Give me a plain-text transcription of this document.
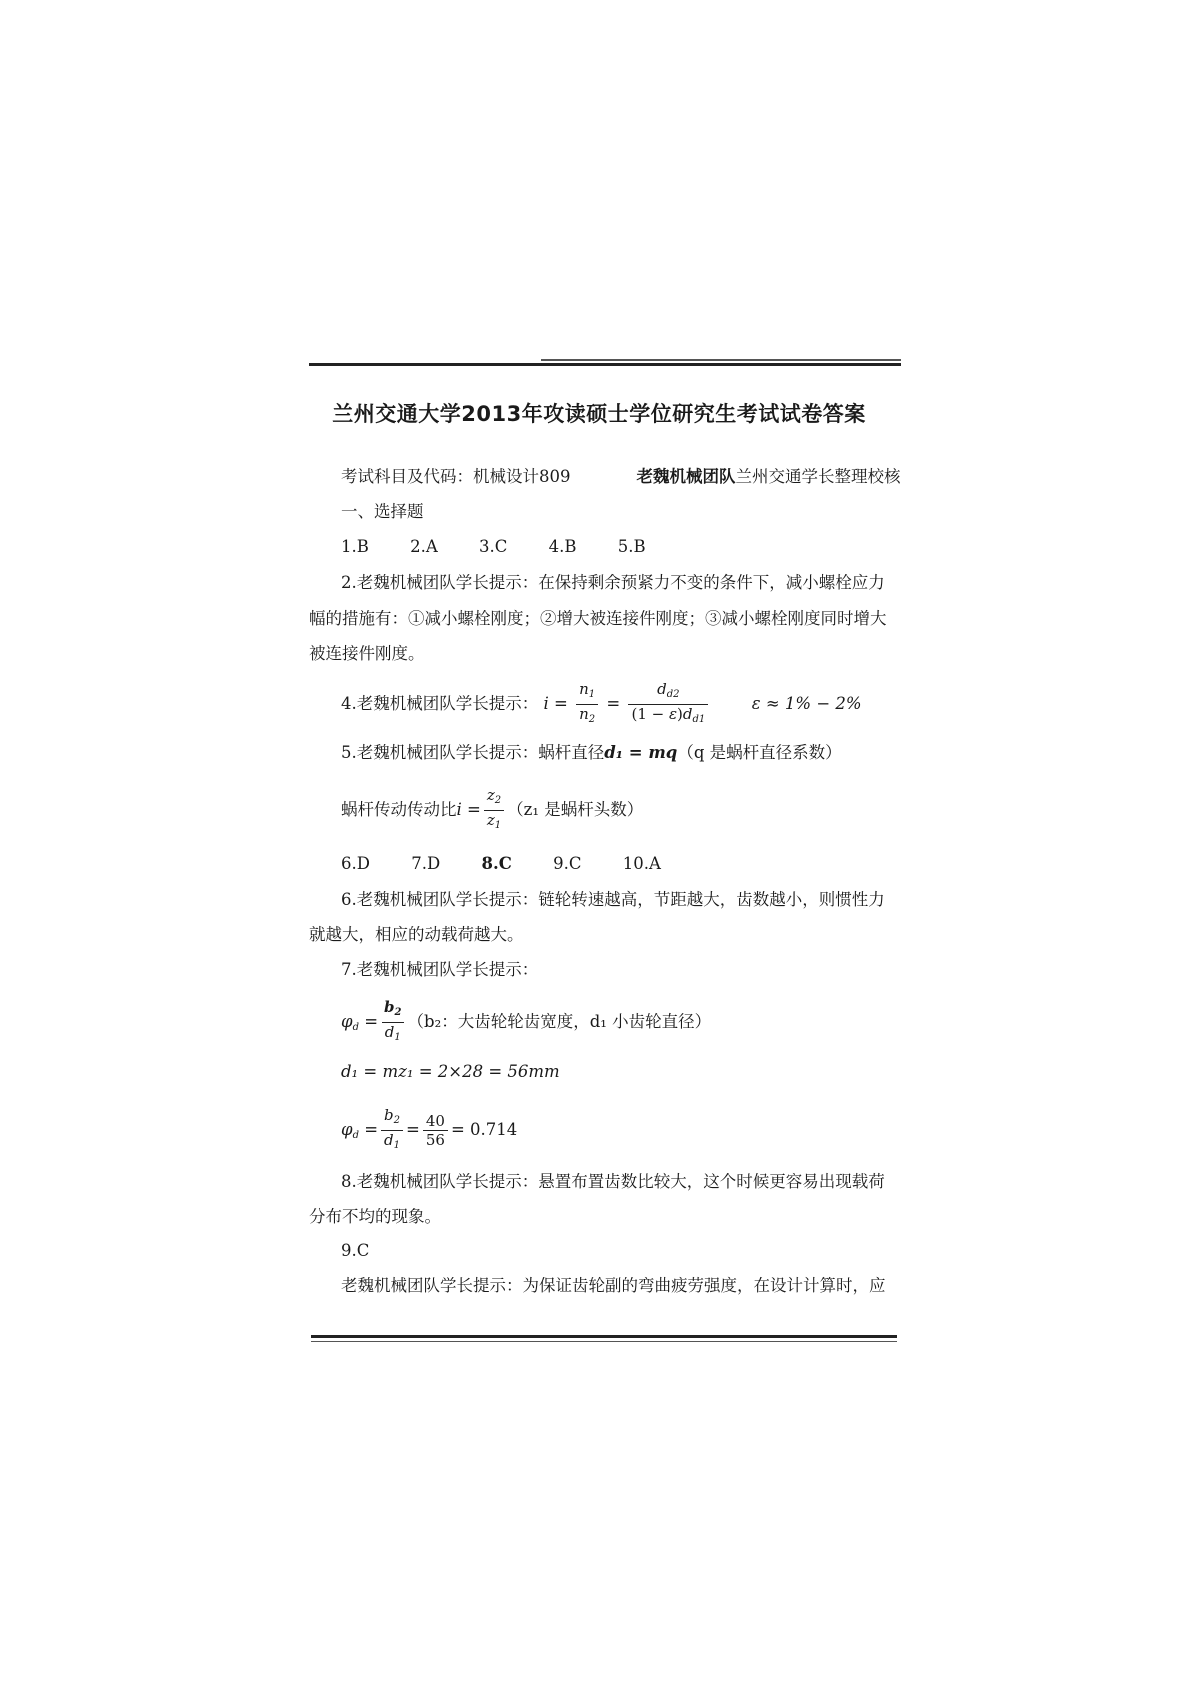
兰州交通大学2013年攻读硕士学位研究生考试试卷答案
考试科目及代码：机械设计809	老魏机械团队兰州交通学长整理校核
一、选择题
1.B	2.A	3.C	4.B	5.B
2.老魏机械团队学长提示：在保持剩余预紧力不变的条件下，减小螺栓应力
幅的措施有：①减小螺栓刚度；②增大被连接件刚度；③减小螺栓刚度同时增大
被连接件刚度。
4.老魏机械团队学长提示： $i = \frac{n_1}{n_2} = \frac{d_{d2}}{(1 - \varepsilon)d_{d1}}$	ε ≈ 1% − 2%
5.老魏机械团队学长提示：蜗杆直径d₁ = mq（q 是蜗杆直径系数）
蜗杆传动传动比$i = \frac{z_2}{z_1} (z_1$ 是蜗杆头数）
6.D	7.D	8.C	9.C	10.A
6.老魏机械团队学长提示：链轮转速越高，节距越大，齿数越小，则惯性力
就越大，相应的动载荷越大。
7.老魏机械团队学长提示：
$\varphi_d = \frac{b_2}{d_1} (b_2$：大齿轮轮齿宽度，d₁ 小齿轮直径）
d₁ = mz₁ = 2×28 = 56mm
$\varphi_d = \frac{b_2}{d_1} = \frac{40}{56} = 0.714$
8.老魏机械团队学长提示：悬置布置齿数比较大，这个时候更容易出现载荷
分布不均的现象。
9.C
老魏机械团队学长提示：为保证齿轮副的弯曲疲劳强度，在设计计算时，应
